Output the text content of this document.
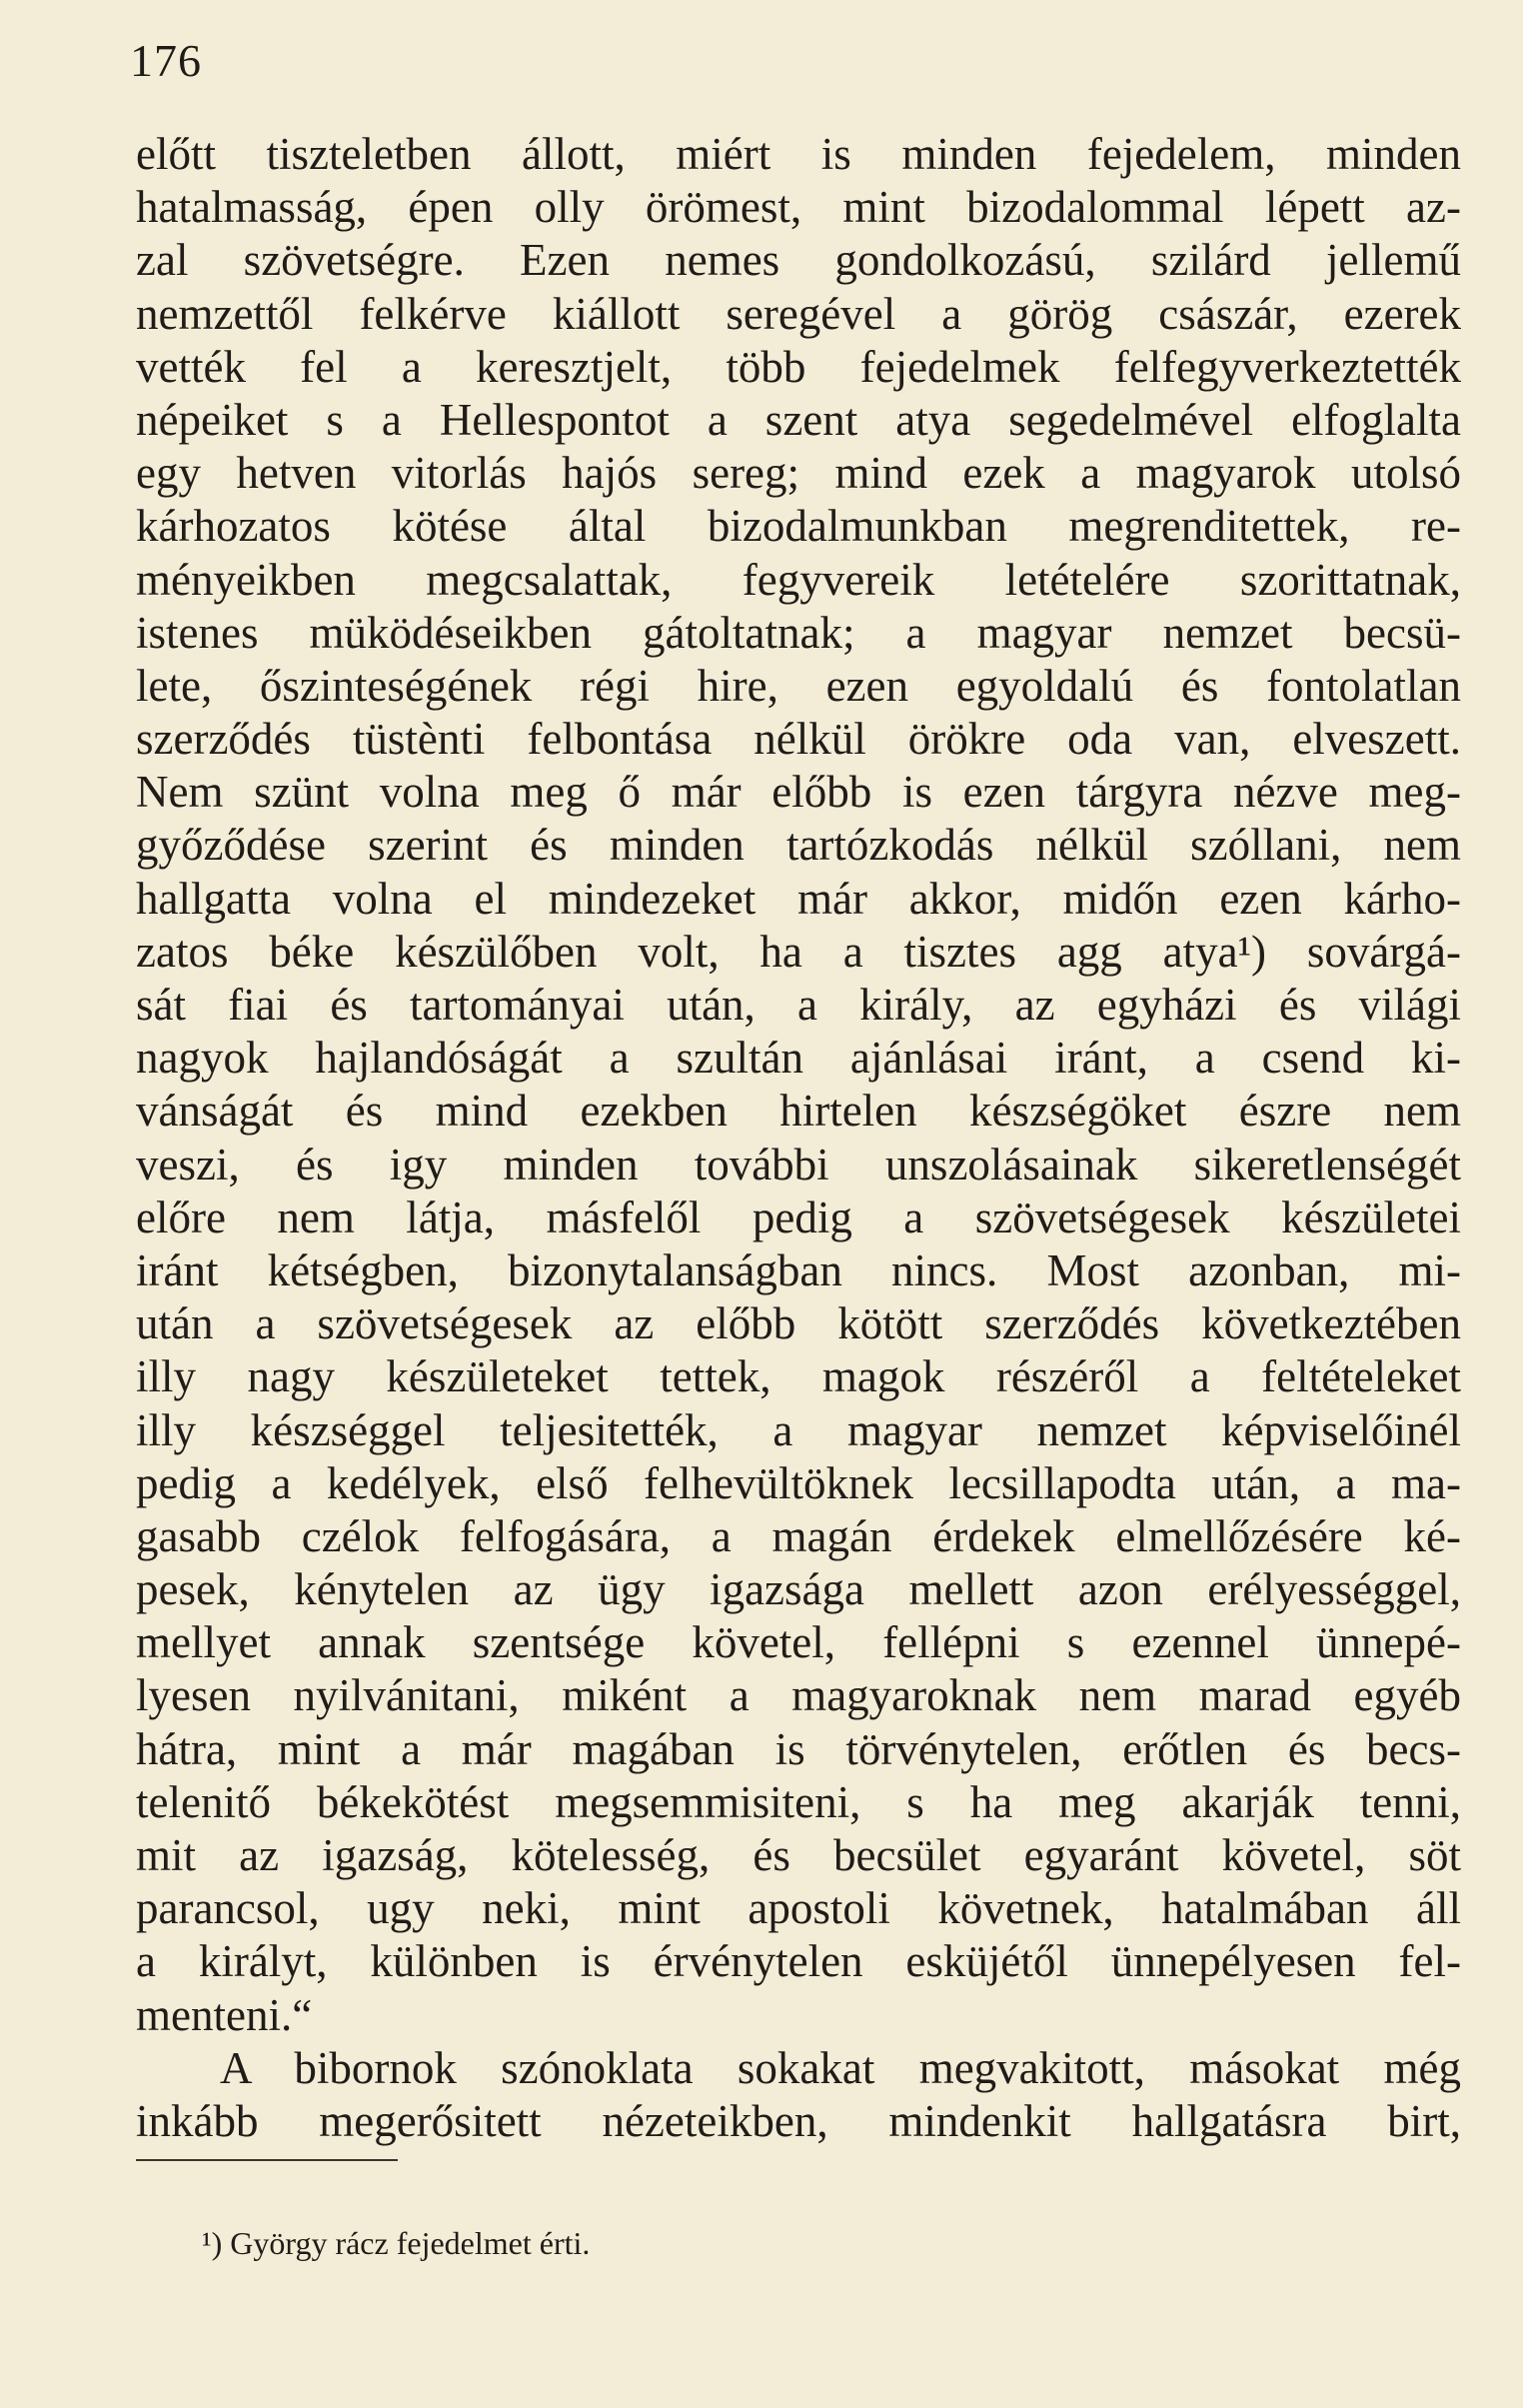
176
előtt tiszteletben állott, miért is minden fejedelem, minden
hatalmasság, épen olly örömest, mint bizodalommal lépett az-
zal szövetségre. Ezen nemes gondolkozású, szilárd jellemű
nemzettől felkérve kiállott seregével a görög császár, ezerek
vették fel a keresztjelt, több fejedelmek felfegyverkeztették
népeiket s a Hellespontot a szent atya segedelmével elfoglalta
egy hetven vitorlás hajós sereg; mind ezek a magyarok utolsó
kárhozatos kötése által bizodalmunkban megrenditettek, re-
ményeikben megcsalattak, fegyvereik letételére szorittatnak,
istenes müködéseikben gátoltatnak; a magyar nemzet becsü-
lete, őszinteségének régi hire, ezen egyoldalú és fontolatlan
szerződés tüstènti felbontása nélkül örökre oda van, elveszett.
Nem szünt volna meg ő már előbb is ezen tárgyra nézve meg-
győződése szerint és minden tartózkodás nélkül szóllani, nem
hallgatta volna el mindezeket már akkor, midőn ezen kárho-
zatos béke készülőben volt, ha a tisztes agg atya¹) sovárgá-
sát fiai és tartományai után, a király, az egyházi és világi
nagyok hajlandóságát a szultán ajánlásai iránt, a csend ki-
vánságát és mind ezekben hirtelen készségöket észre nem
veszi, és igy minden további unszolásainak sikeretlenségét
előre nem látja, másfelől pedig a szövetségesek készületei
iránt kétségben, bizonytalanságban nincs. Most azonban, mi-
után a szövetségesek az előbb kötött szerződés következtében
illy nagy készületeket tettek, magok részéről a feltételeket
illy készséggel teljesitették, a magyar nemzet képviselőinél
pedig a kedélyek, első felhevültöknek lecsillapodta után, a ma-
gasabb czélok felfogására, a magán érdekek elmellőzésére ké-
pesek, kénytelen az ügy igazsága mellett azon erélyességgel,
mellyet annak szentsége követel, fellépni s ezennel ünnepé-
lyesen nyilvánitani, miként a magyaroknak nem marad egyéb
hátra, mint a már magában is törvénytelen, erőtlen és becs-
telenitő békekötést megsemmisiteni, s ha meg akarják tenni,
mit az igazság, kötelesség, és becsület egyaránt követel, söt
parancsol, ugy neki, mint apostoli követnek, hatalmában áll
a királyt, különben is érvénytelen esküjétől ünnepélyesen fel-
menteni.“
A bibornok szónoklata sokakat megvakitott, másokat még
inkább megerősitett nézeteikben, mindenkit hallgatásra birt,
¹) György rácz fejedelmet érti.
